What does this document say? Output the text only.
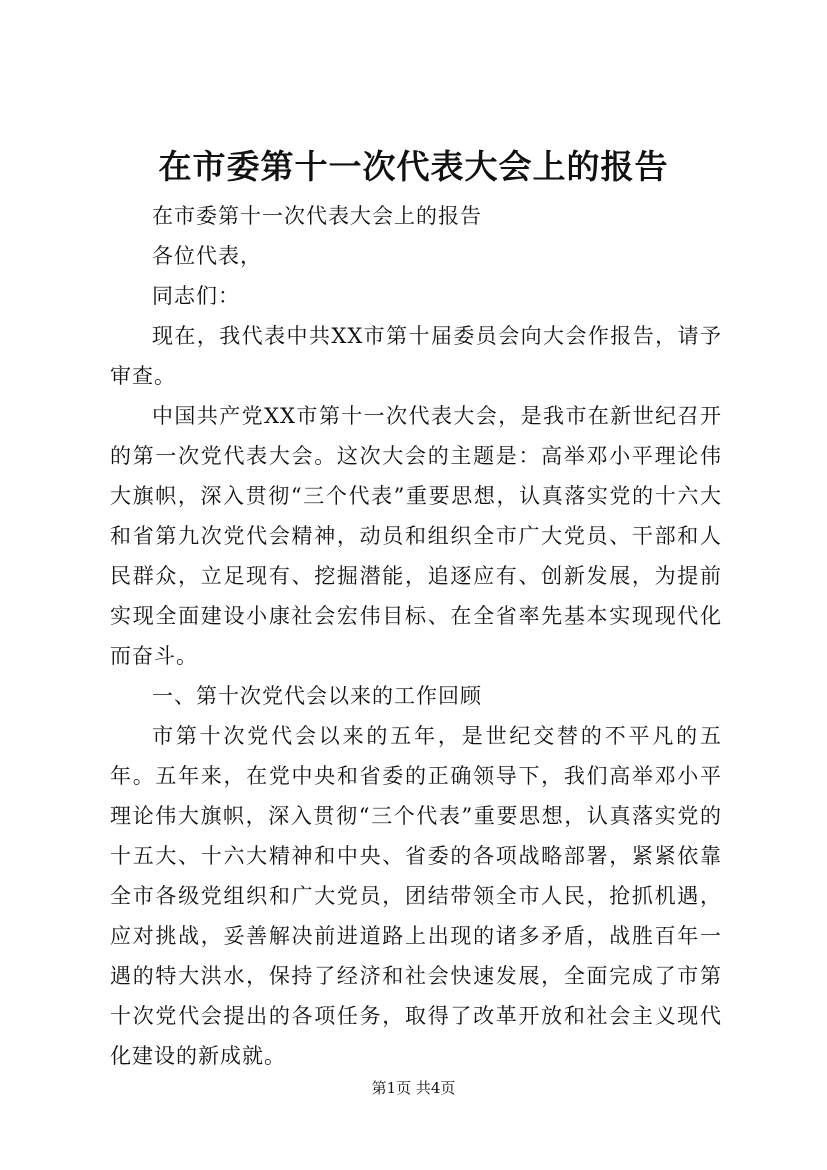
在市委第十一次代表大会上的报告

在市委第十一次代表大会上的报告

各位代表，

同志们：

现在，我代表中共XX市第十届委员会向大会作报告，请予审查。

中国共产党XX市第十一次代表大会，是我市在新世纪召开的第一次党代表大会。这次大会的主题是：高举邓小平理论伟大旗帜，深入贯彻“三个代表”重要思想，认真落实党的十六大和省第九次党代会精神，动员和组织全市广大党员、干部和人民群众，立足现有、挖掘潜能，追逐应有、创新发展，为提前实现全面建设小康社会宏伟目标、在全省率先基本实现现代化而奋斗。

一、第十次党代会以来的工作回顾

市第十次党代会以来的五年，是世纪交替的不平凡的五年。五年来，在党中央和省委的正确领导下，我们高举邓小平理论伟大旗帜，深入贯彻“三个代表”重要思想，认真落实党的十五大、十六大精神和中央、省委的各项战略部署，紧紧依靠全市各级党组织和广大党员，团结带领全市人民，抢抓机遇，应对挑战，妥善解决前进道路上出现的诸多矛盾，战胜百年一遇的特大洪水，保持了经济和社会快速发展，全面完成了市第十次党代会提出的各项任务，取得了改革开放和社会主义现代化建设的新成就。

第1页 共4页
